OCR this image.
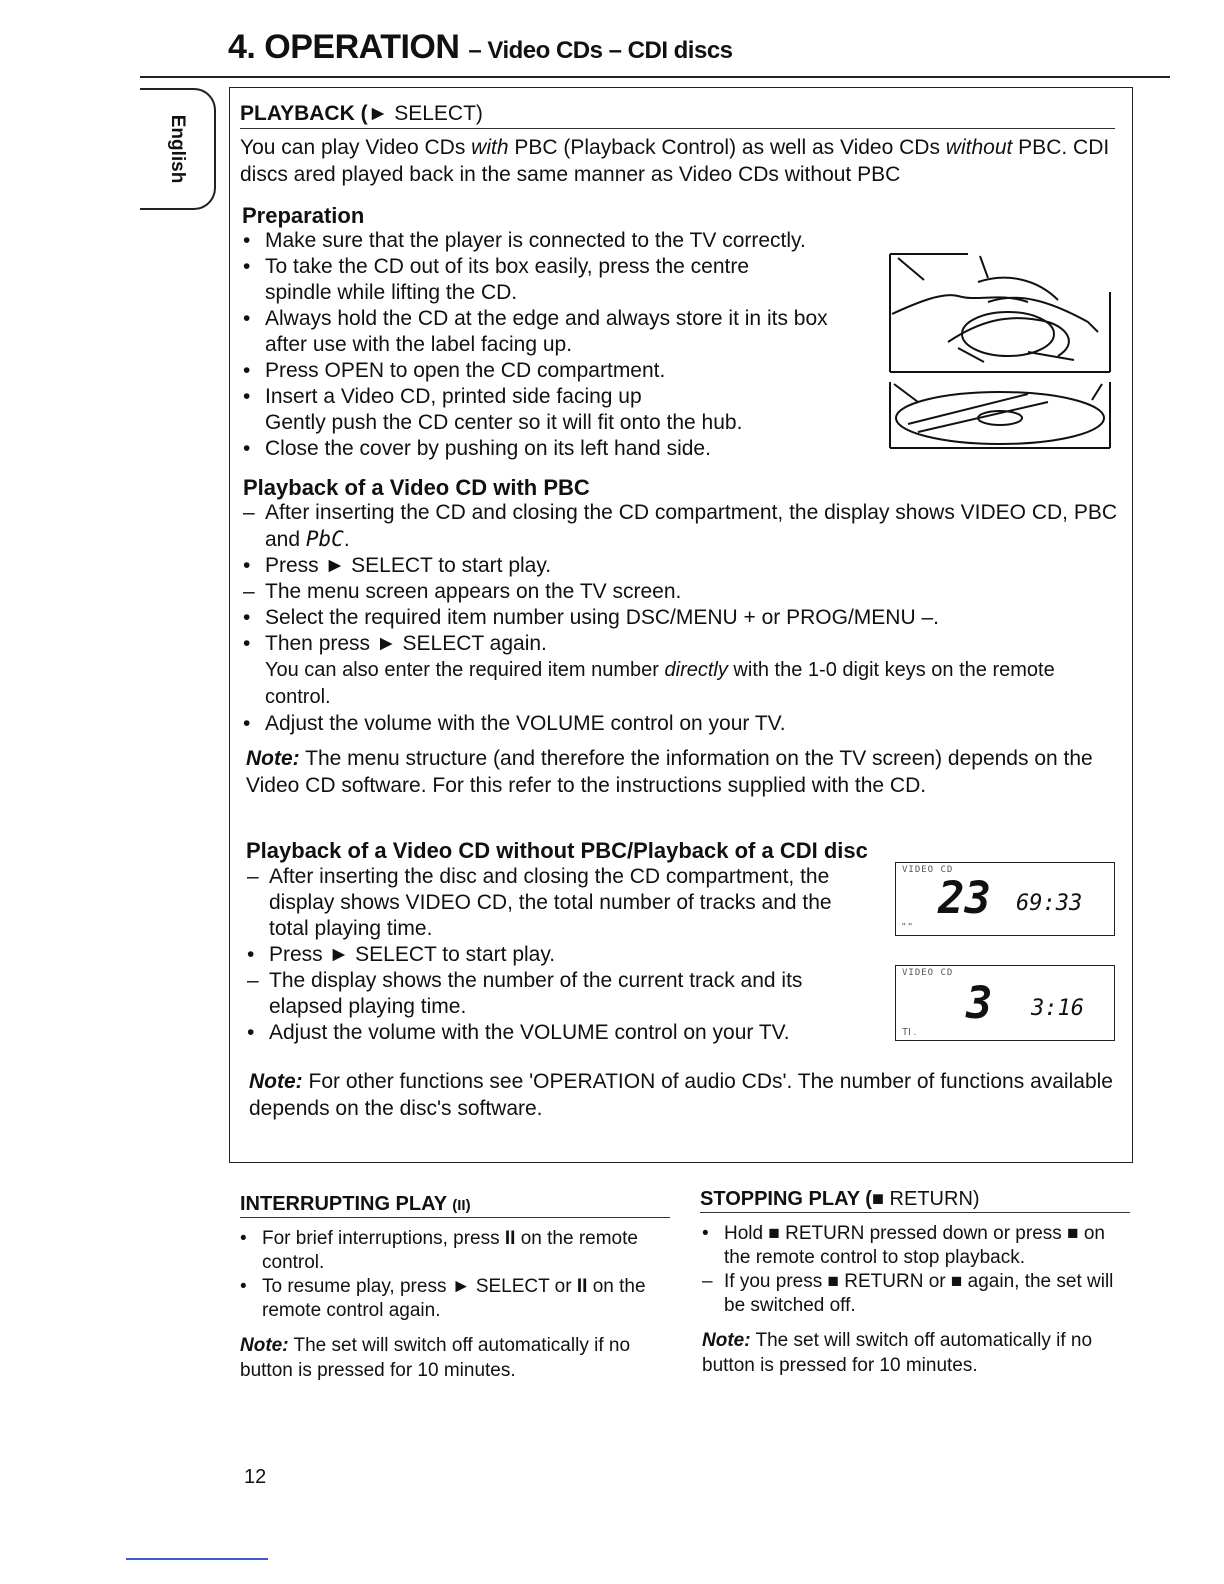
4. OPERATION – Video CDs – CDI discs
English
PLAYBACK (► SELECT)
You can play Video CDs with PBC (Playback Control) as well as Video CDs without PBC. CDI discs ared played back in the same manner as Video CDs without PBC
Preparation
• Make sure that the player is connected to the TV correctly.
• To take the CD out of its box easily, press the centre spindle while lifting the CD.
• Always hold the CD at the edge and always store it in its box after use with the label facing up.
• Press OPEN to open the CD compartment.
• Insert a Video CD, printed side facing up
Gently push the CD center so it will fit onto the hub.
• Close the cover by pushing on its left hand side.
Playback of a Video CD with PBC
– After inserting the CD and closing the CD compartment, the display shows VIDEO CD, PBC and PbC.
• Press ► SELECT to start play.
– The menu screen appears on the TV screen.
• Select the required item number using DSC/MENU + or PROG/MENU –.
• Then press ► SELECT again.
You can also enter the required item number directly with the 1-0 digit keys on the remote control.
• Adjust the volume with the VOLUME control on your TV.
Note: The menu structure (and therefore the information on the TV screen) depends on the Video CD software. For this refer to the instructions supplied with the CD.
Playback of a Video CD without PBC/Playback of a CDI disc
– After inserting the disc and closing the CD compartment, the display shows VIDEO CD, the total number of tracks and the total playing time.
• Press ► SELECT to start play.
– The display shows the number of the current track and its elapsed playing time.
• Adjust the volume with the VOLUME control on your TV.
VIDEO CD
23 69:33
" "
VIDEO CD
3 3:16
TI .
Note: For other functions see 'OPERATION of audio CDs'. The number of functions available depends on the disc's software.
INTERRUPTING PLAY (II)
• For brief interruptions, press II on the remote control.
• To resume play, press ► SELECT or II on the remote control again.
Note: The set will switch off automatically if no button is pressed for 10 minutes.
STOPPING PLAY (■ RETURN)
• Hold ■ RETURN pressed down or press ■ on the remote control to stop playback.
– If you press ■ RETURN or ■ again, the set will be switched off.
Note: The set will switch off automatically if no button is pressed for 10 minutes.
12
